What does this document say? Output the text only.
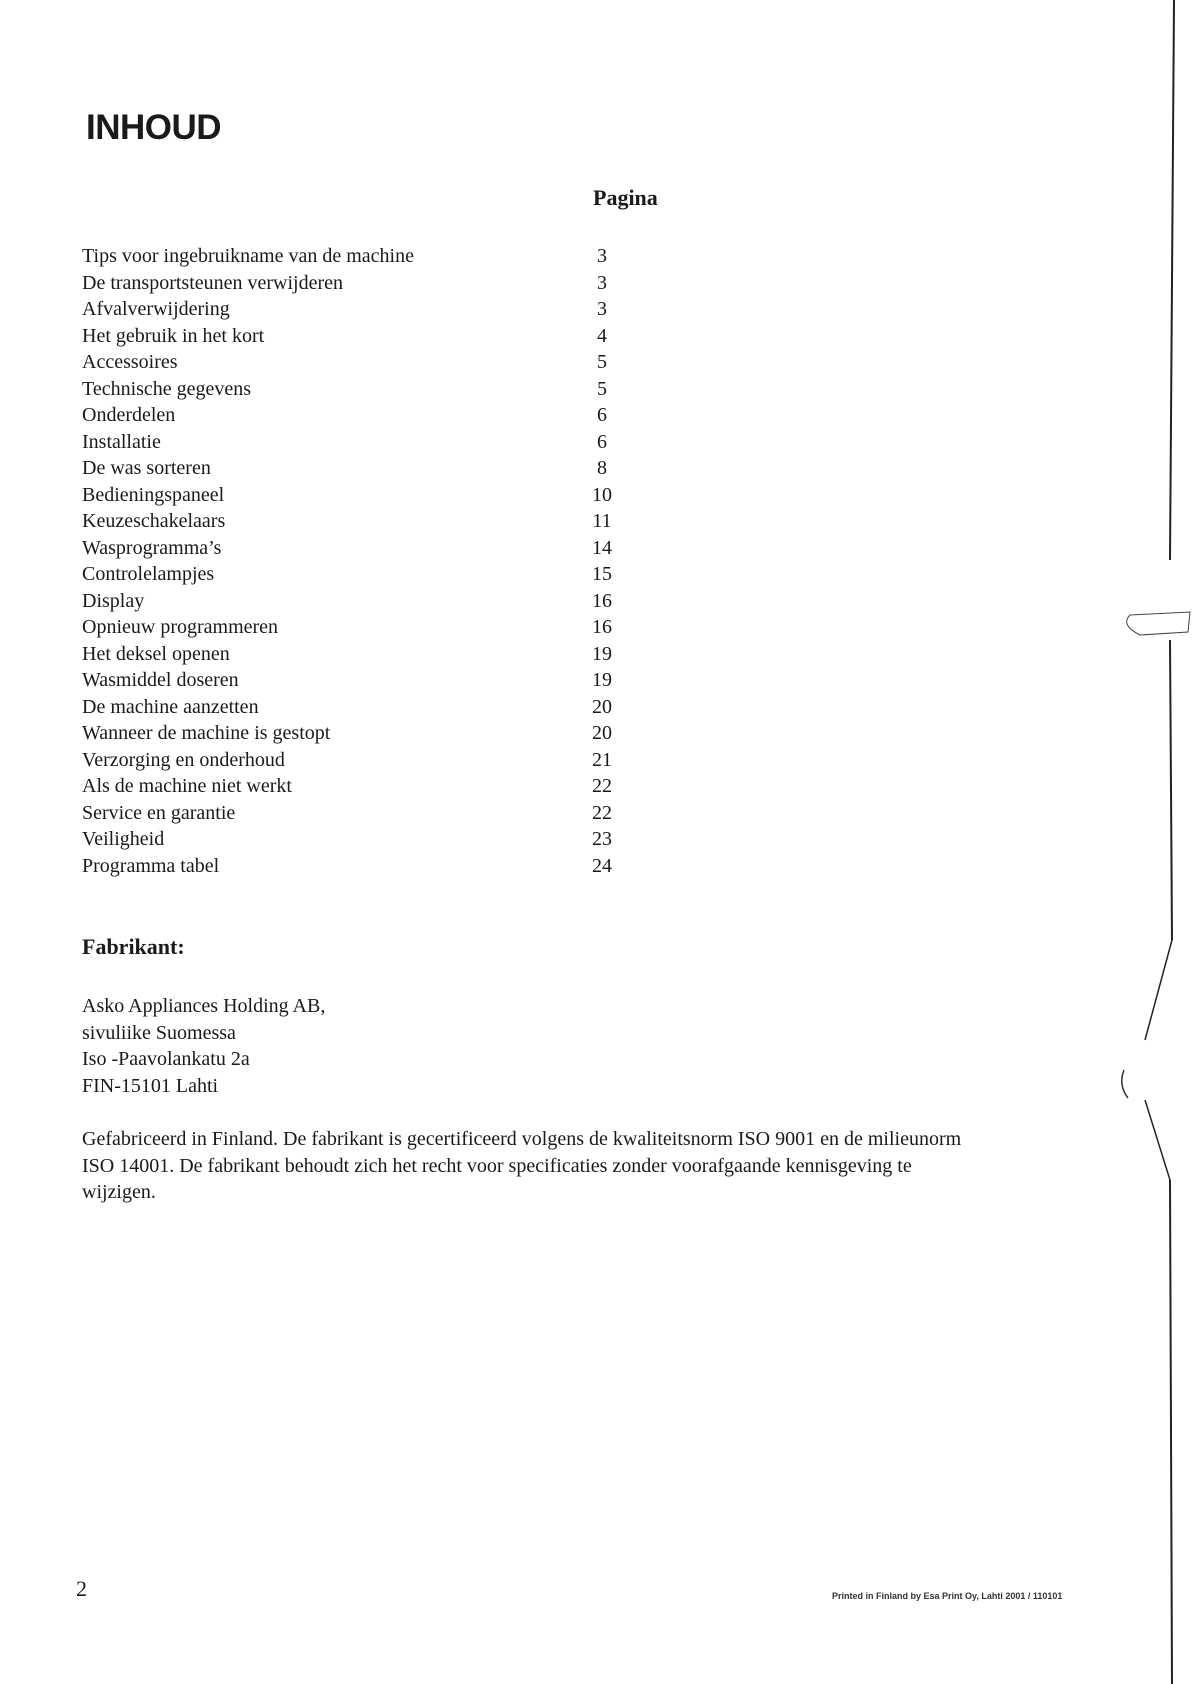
INHOUD
Pagina
Tips voor ingebruikname van de machine	3
De transportsteunen verwijderen	3
Afvalverwijdering	3
Het gebruik in het kort	4
Accessoires	5
Technische gegevens	5
Onderdelen	6
Installatie	6
De was sorteren	8
Bedieningspaneel	10
Keuzeschakelaars	11
Wasprogramma’s	14
Controlelampjes	15
Display	16
Opnieuw programmeren	16
Het deksel openen	19
Wasmiddel doseren	19
De machine aanzetten	20
Wanneer de machine is gestopt	20
Verzorging en onderhoud	21
Als de machine niet werkt	22
Service en garantie	22
Veiligheid	23
Programma tabel	24
Fabrikant:
Asko Appliances Holding AB,
sivuliike Suomessa
Iso -Paavolankatu 2a
FIN-15101 Lahti

Gefabriceerd in Finland. De fabrikant is gecertificeerd volgens de kwaliteitsnorm ISO 9001 en de milieunorm ISO 14001. De fabrikant behoudt zich het recht voor specificaties zonder voorafgaande kennisgeving te wijzigen.

2	Printed in Finland by Esa Print Oy, Lahti 2001 / 110101
